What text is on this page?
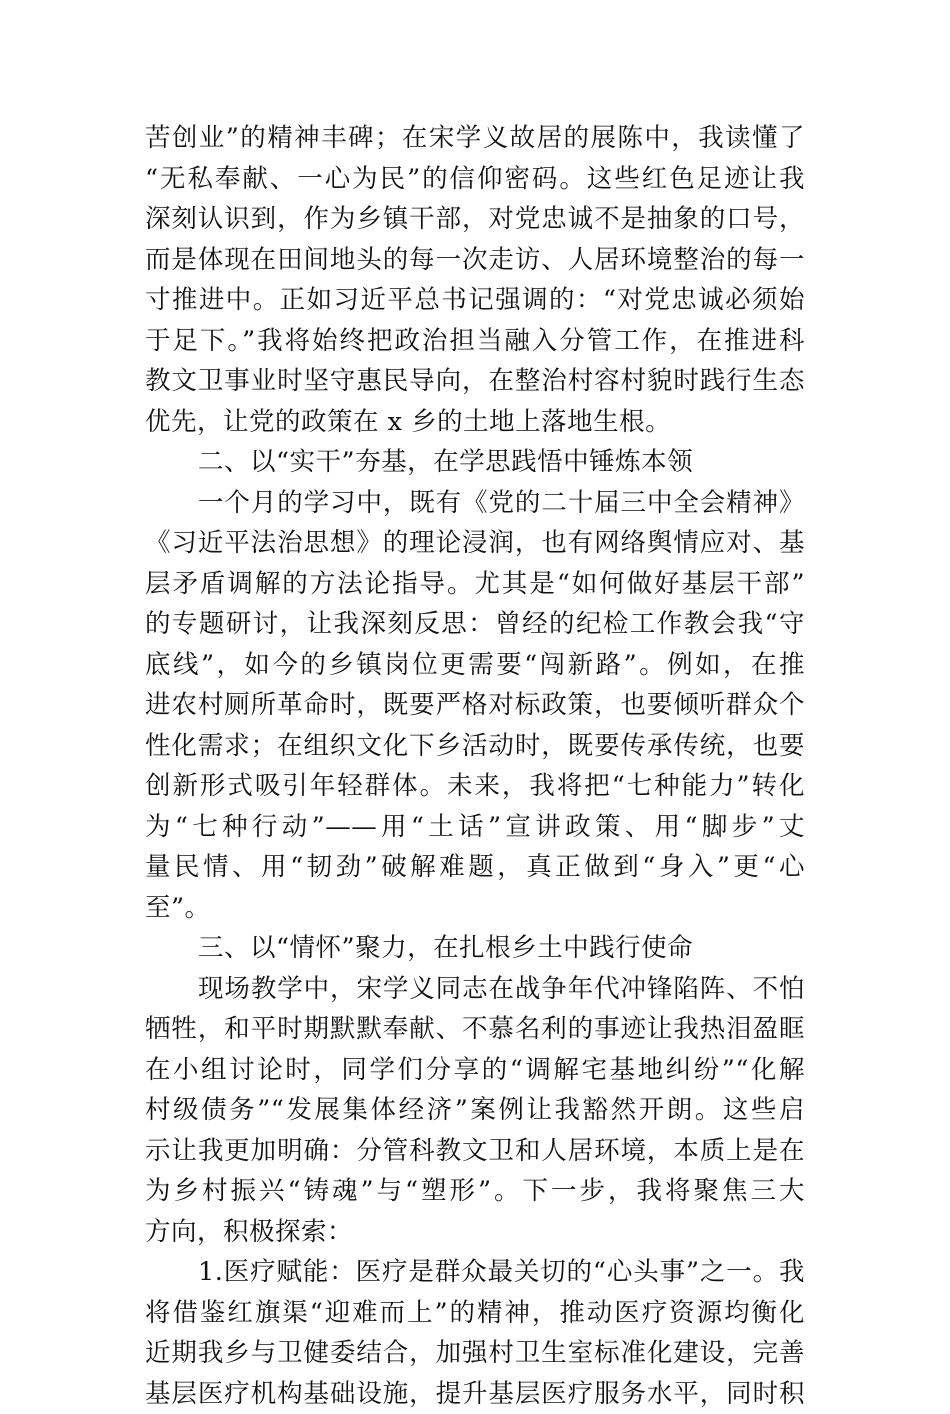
苦创业”的精神丰碑；在宋学义故居的展陈中，我读懂了
“无私奉献、一心为民”的信仰密码。这些红色足迹让我
深刻认识到，作为乡镇干部，对党忠诚不是抽象的口号，
而是体现在田间地头的每一次走访、人居环境整治的每一
寸推进中。正如习近平总书记强调的：“对党忠诚必须始
于足下。”我将始终把政治担当融入分管工作，在推进科
教文卫事业时坚守惠民导向，在整治村容村貌时践行生态
优先，让党的政策在 x 乡的土地上落地生根。
二、以“实干”夯基，在学思践悟中锤炼本领
一个月的学习中，既有《党的二十届三中全会精神》
《习近平法治思想》的理论浸润，也有网络舆情应对、基
层矛盾调解的方法论指导。尤其是“如何做好基层干部”
的专题研讨，让我深刻反思：曾经的纪检工作教会我“守
底线”，如今的乡镇岗位更需要“闯新路”。例如，在推
进农村厕所革命时，既要严格对标政策，也要倾听群众个
性化需求；在组织文化下乡活动时，既要传承传统，也要
创新形式吸引年轻群体。未来，我将把“七种能力”转化
为“七种行动”——用“土话”宣讲政策、用“脚步”丈
量民情、用“韧劲”破解难题，真正做到“身入”更“心
至”。
三、以“情怀”聚力，在扎根乡土中践行使命
现场教学中，宋学义同志在战争年代冲锋陷阵、不怕
牺牲，和平时期默默奉献、不慕名利的事迹让我热泪盈眶
在小组讨论时，同学们分享的“调解宅基地纠纷”“化解
村级债务”“发展集体经济”案例让我豁然开朗。这些启
示让我更加明确：分管科教文卫和人居环境，本质上是在
为乡村振兴“铸魂”与“塑形”。下一步，我将聚焦三大
方向，积极探索：
1.医疗赋能：医疗是群众最关切的“心头事”之一。我
将借鉴红旗渠“迎难而上”的精神，推动医疗资源均衡化
近期我乡与卫健委结合，加强村卫生室标准化建设，完善
基层医疗机构基础设施，提升基层医疗服务水平，同时积
